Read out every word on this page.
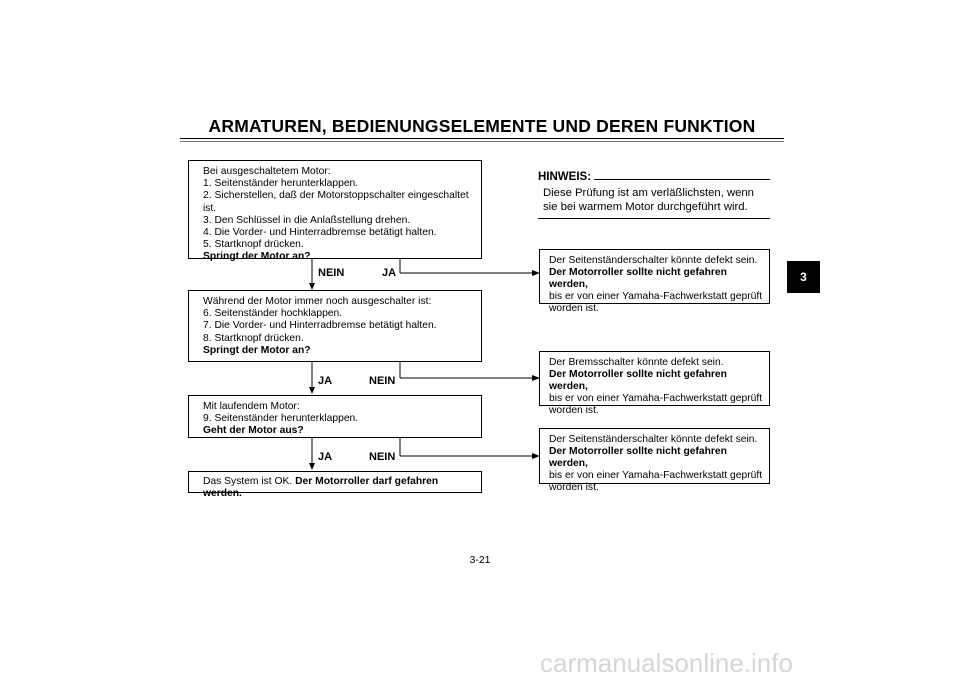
ARMATUREN, BEDIENUNGSELEMENTE UND DEREN FUNKTION
3
Bei ausgeschaltetem Motor:
1. Seitenständer herunterklappen.
2. Sicherstellen, daß der Motorstoppschalter eingeschaltet ist.
3. Den Schlüssel in die Anlaßstellung drehen.
4. Die Vorder- und Hinterradbremse betätigt halten.
5. Startknopf drücken.
Springt der Motor an?
NEIN	JA
Während der Motor immer noch ausgeschalter ist:
6. Seitenständer hochklappen.
7. Die Vorder- und Hinterradbremse betätigt halten.
8. Startknopf drücken.
Springt der Motor an?
JA	NEIN
Mit laufendem Motor:
9. Seitenständer herunterklappen.
Geht der Motor aus?
JA	NEIN
Das System ist OK. Der Motorroller darf gefahren werden.
HINWEIS:
Diese Prüfung ist am verläßlichsten, wenn
sie bei warmem Motor durchgeführt wird.
Der Seitenständerschalter könnte defekt sein.
Der Motorroller sollte nicht gefahren werden,
bis er von einer Yamaha-Fachwerkstatt geprüft
worden ist.
Der Bremsschalter könnte defekt sein.
Der Motorroller sollte nicht gefahren werden,
bis er von einer Yamaha-Fachwerkstatt geprüft
worden ist.
Der Seitenständerschalter könnte defekt sein.
Der Motorroller sollte nicht gefahren werden,
bis er von einer Yamaha-Fachwerkstatt geprüft
worden ist.
3-21
carmanualsonline.info
